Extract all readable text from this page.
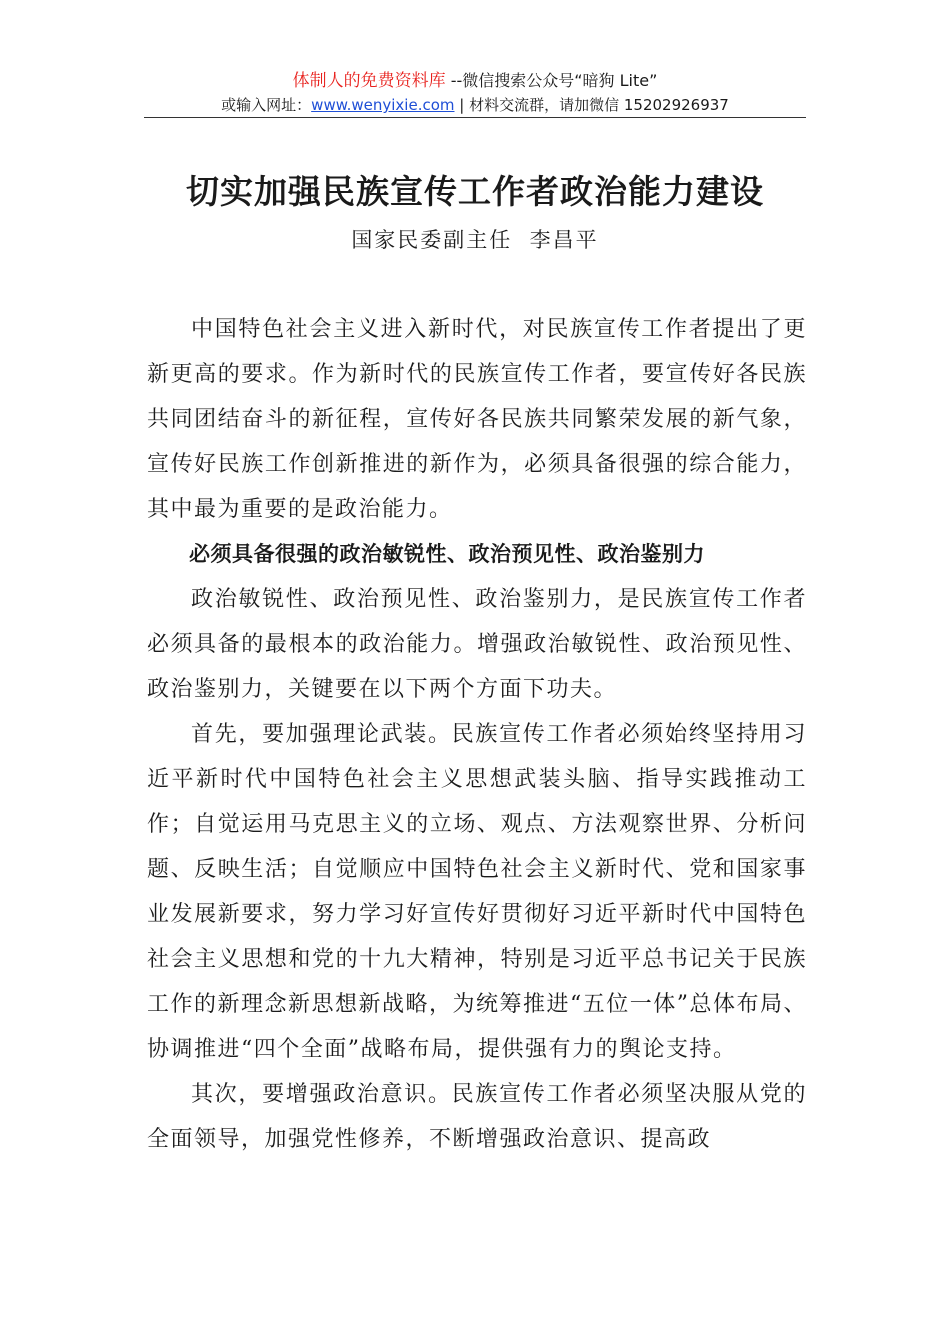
体制人的免费资料库 --微信搜索公众号“暗狗 Lite”
或输入网址：www.wenyixie.com | 材料交流群，请加微信 15202926937
切实加强民族宣传工作者政治能力建设
国家民委副主任  李昌平

中国特色社会主义进入新时代，对民族宣传工作者提出了更新更高的要求。作为新时代的民族宣传工作者，要宣传好各民族共同团结奋斗的新征程，宣传好各民族共同繁荣发展的新气象，宣传好民族工作创新推进的新作为，必须具备很强的综合能力，其中最为重要的是政治能力。

必须具备很强的政治敏锐性、政治预见性、政治鉴别力

政治敏锐性、政治预见性、政治鉴别力，是民族宣传工作者必须具备的最根本的政治能力。增强政治敏锐性、政治预见性、政治鉴别力，关键要在以下两个方面下功夫。

首先，要加强理论武装。民族宣传工作者必须始终坚持用习近平新时代中国特色社会主义思想武装头脑、指导实践推动工作；自觉运用马克思主义的立场、观点、方法观察世界、分析问题、反映生活；自觉顺应中国特色社会主义新时代、党和国家事业发展新要求，努力学习好宣传好贯彻好习近平新时代中国特色社会主义思想和党的十九大精神，特别是习近平总书记关于民族工作的新理念新思想新战略，为统筹推进“五位一体”总体布局、协调推进“四个全面”战略布局，提供强有力的舆论支持。

其次，要增强政治意识。民族宣传工作者必须坚决服从党的全面领导，加强党性修养，不断增强政治意识、提高政
